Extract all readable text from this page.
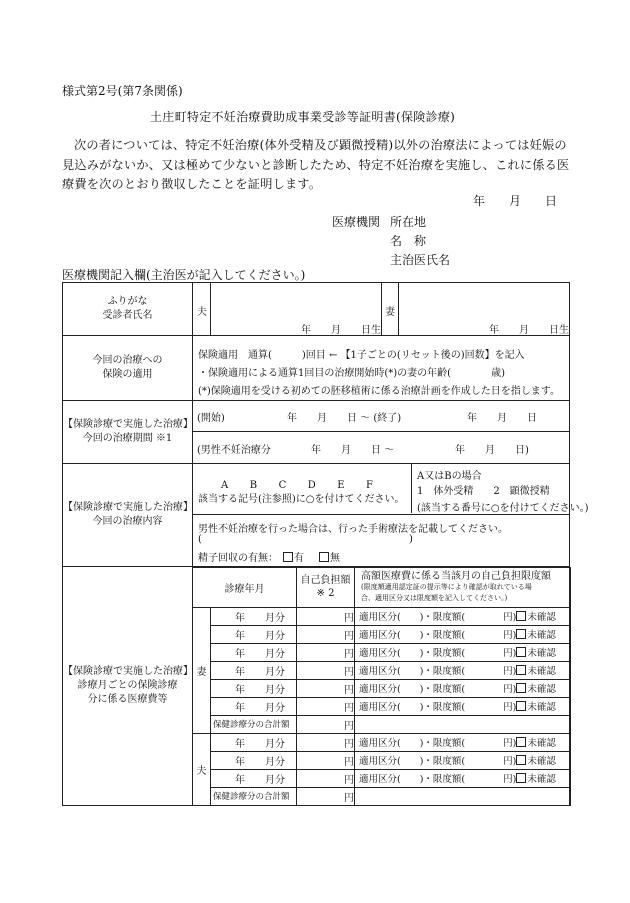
様式第2号(第7条関係)
土庄町特定不妊治療費助成事業受診等証明書(保険診療)
次の者については、特定不妊治療(体外受精及び顕微授精)以外の治療法によっては妊娠の見込みがないか、又は極めて少ないと診断したため、特定不妊治療を実施し、これに係る医療費を次のとおり徴収したことを証明します。
年　　月　　日
医療機関 所在地
名　称
主治医氏名
医療機関記入欄(主治医が記入してください。)
ふりがな
受診者氏名	夫	妻
年　　月　　日生	年　　月　　日生

今回の治療への
保険の適用

保険適用　通算(　　　)回目 ← 【1子ごとの(リセット後の)回数】を記入
・保険適用による通算1回目の治療開始時(*)の妻の年齢(　　　　歳)
(*)保険適用を受ける初めての胚移植術に係る治療計画を作成した日を指します。

【保険診療で実施した治療】
今回の治療期間 ※1

(開始)	年　　月　　日 〜 (終了)	年　　月　　日
(男性不妊治療分	年　　月　　日 〜	年　　月　　日)

【保険診療で実施した治療】
今回の治療内容

A　　B　　C　　D　　E　　F
該当する記号(注参照)に○を付けてください。
A又はBの場合
1　体外受精　　2　顕微授精
(該当する番号に○を付けてください。)
男性不妊治療を行った場合は、行った手術療法を記載してください。
(	)
精子回収の有無：	有	無

【保険診療で実施した治療】
診療月ごとの保険診療
分に係る医療費等

診療年月	
自己負担額
※ 2

高額医療費に係る当該月の自己負担限度額
(限度額適用認定証の提示等により確認が取れている場
合、適用区分又は限度額を記入してください。)

妻	年　　月分	円	適用区分(　　)・限度額(　　　　円) 未確認
年　　月分	円	適用区分(　　)・限度額(　　　　円) 未確認
年　　月分	円	適用区分(　　)・限度額(　　　　円) 未確認
年　　月分	円	適用区分(　　)・限度額(　　　　円) 未確認
年　　月分	円	適用区分(　　)・限度額(　　　　円) 未確認
年　　月分	円	適用区分(　　)・限度額(　　　　円) 未確認
保健診療分の合計額	円	
夫	年　　月分	円	適用区分(　　)・限度額(　　　　円) 未確認
年　　月分	円	適用区分(　　)・限度額(　　　　円) 未確認
年　　月分	円	適用区分(　　)・限度額(　　　　円) 未確認
保健診療分の合計額	円	
